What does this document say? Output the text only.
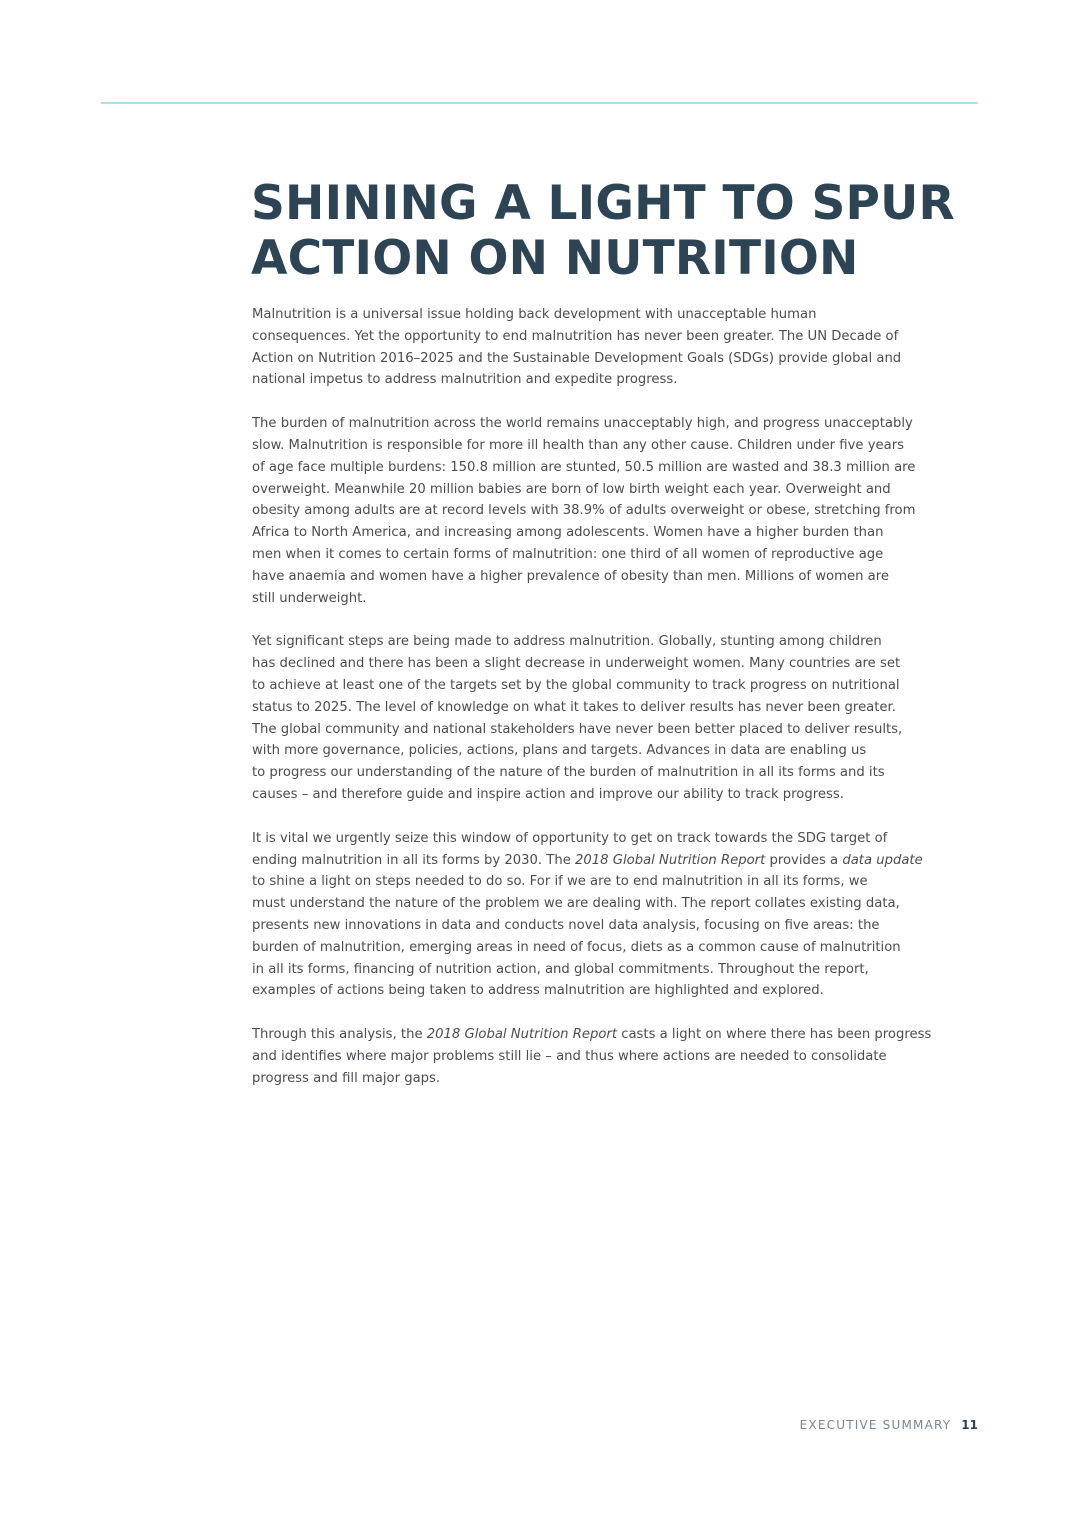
SHINING A LIGHT TO SPUR
ACTION ON NUTRITION

Malnutrition is a universal issue holding back development with unacceptable human
consequences. Yet the opportunity to end malnutrition has never been greater. The UN Decade of
Action on Nutrition 2016–2025 and the Sustainable Development Goals (SDGs) provide global and
national impetus to address malnutrition and expedite progress.

The burden of malnutrition across the world remains unacceptably high, and progress unacceptably
slow. Malnutrition is responsible for more ill health than any other cause. Children under five years
of age face multiple burdens: 150.8 million are stunted, 50.5 million are wasted and 38.3 million are
overweight. Meanwhile 20 million babies are born of low birth weight each year. Overweight and
obesity among adults are at record levels with 38.9% of adults overweight or obese, stretching from
Africa to North America, and increasing among adolescents. Women have a higher burden than
men when it comes to certain forms of malnutrition: one third of all women of reproductive age
have anaemia and women have a higher prevalence of obesity than men. Millions of women are
still underweight.

Yet significant steps are being made to address malnutrition. Globally, stunting among children
has declined and there has been a slight decrease in underweight women. Many countries are set
to achieve at least one of the targets set by the global community to track progress on nutritional
status to 2025. The level of knowledge on what it takes to deliver results has never been greater.
The global community and national stakeholders have never been better placed to deliver results,
with more governance, policies, actions, plans and targets. Advances in data are enabling us
to progress our understanding of the nature of the burden of malnutrition in all its forms and its
causes – and therefore guide and inspire action and improve our ability to track progress.

It is vital we urgently seize this window of opportunity to get on track towards the SDG target of
ending malnutrition in all its forms by 2030. The 2018 Global Nutrition Report provides a data update
to shine a light on steps needed to do so. For if we are to end malnutrition in all its forms, we
must understand the nature of the problem we are dealing with. The report collates existing data,
presents new innovations in data and conducts novel data analysis, focusing on five areas: the
burden of malnutrition, emerging areas in need of focus, diets as a common cause of malnutrition
in all its forms, financing of nutrition action, and global commitments. Throughout the report,
examples of actions being taken to address malnutrition are highlighted and explored.

Through this analysis, the 2018 Global Nutrition Report casts a light on where there has been progress
and identifies where major problems still lie – and thus where actions are needed to consolidate
progress and fill major gaps.

EXECUTIVE SUMMARY 11
